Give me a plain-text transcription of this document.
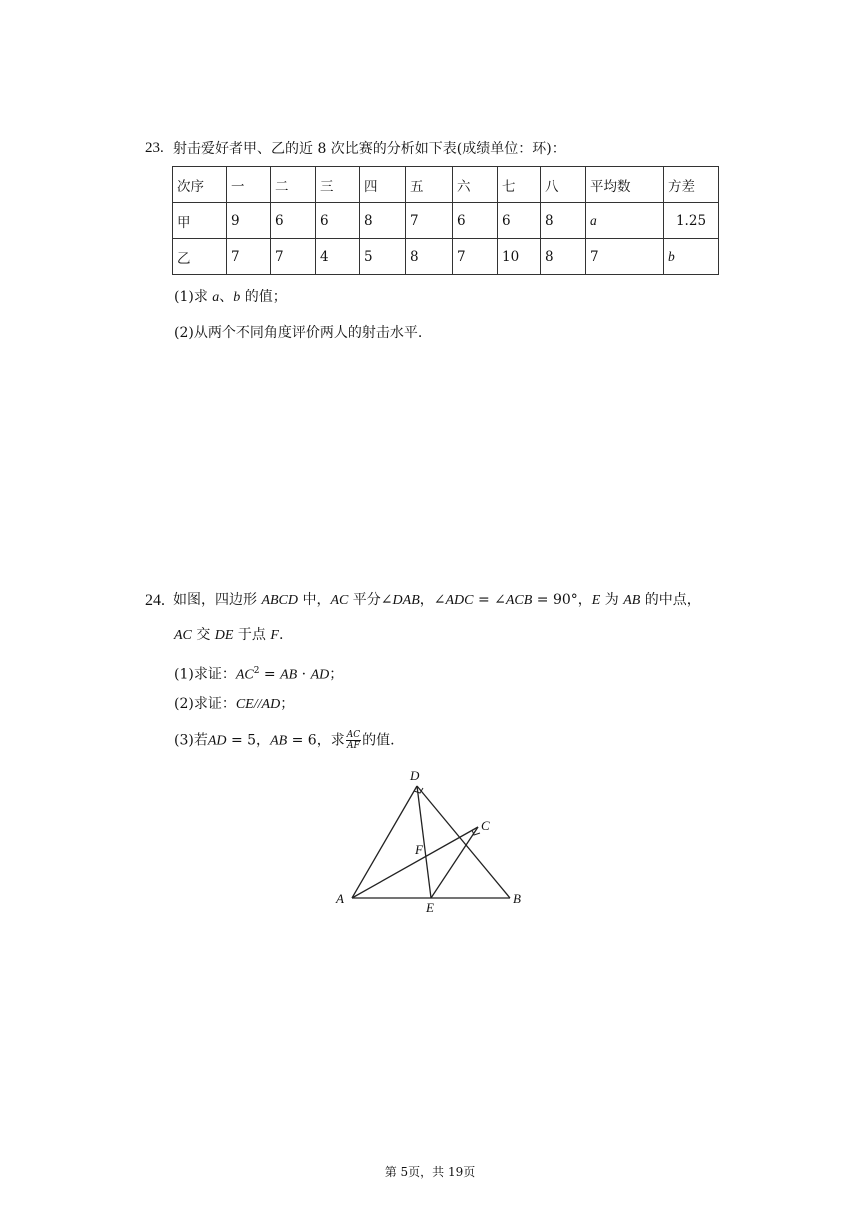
23. 射击爱好者甲、乙的近 8 次比赛的分析如下表(成绩单位：环)：
次序	一	二	三	四	五	六	七	八	平均数	方差
甲	9	6	6	8	7	6	6	8	a	1.25
乙	7	7	4	5	8	7	10	8	7	b
(1)求 a、b 的值；
(2)从两个不同角度评价两人的射击水平.
24. 如图，四边形 ABCD 中，AC 平分∠DAB，∠ADC = ∠ACB = 90°，E 为 AB 的中点，
AC 交 DE 于点 F.
(1)求证：$AC^2$ = AB · AD；
(2)求证：CE//AD；
(3)若AD = 5，AB = 6，求 $\frac{AC}{AF}$ 的值.
D
C
F
A
E
B
第 5页，共 19页
